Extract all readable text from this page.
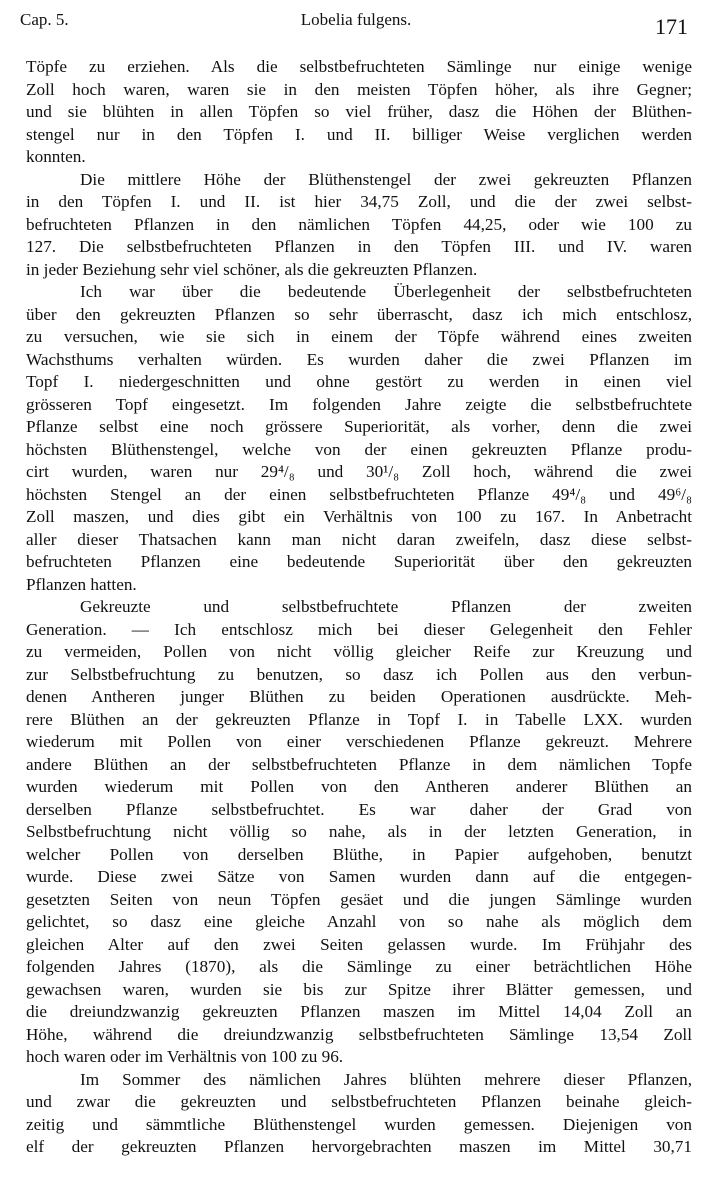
Cap. 5.	Lobelia fulgens.	171
Töpfe zu erziehen. Als die selbstbefruchteten Sämlinge nur einige wenige
Zoll hoch waren, waren sie in den meisten Töpfen höher, als ihre Gegner;
und sie blühten in allen Töpfen so viel früher, dasz die Höhen der Blüthen-
stengel nur in den Töpfen I. und II. billiger Weise verglichen werden
konnten.
Die mittlere Höhe der Blüthenstengel der zwei gekreuzten Pflanzen
in den Töpfen I. und II. ist hier 34,75 Zoll, und die der zwei selbst-
befruchteten Pflanzen in den nämlichen Töpfen 44,25, oder wie 100 zu
127. Die selbstbefruchteten Pflanzen in den Töpfen III. und IV. waren
in jeder Beziehung sehr viel schöner, als die gekreuzten Pflanzen.
Ich war über die bedeutende Überlegenheit der selbstbefruchteten
über den gekreuzten Pflanzen so sehr überrascht, dasz ich mich entschlosz,
zu versuchen, wie sie sich in einem der Töpfe während eines zweiten
Wachsthums verhalten würden. Es wurden daher die zwei Pflanzen im
Topf I. niedergeschnitten und ohne gestört zu werden in einen viel
grösseren Topf eingesetzt. Im folgenden Jahre zeigte die selbstbefruchtete
Pflanze selbst eine noch grössere Superiorität, als vorher, denn die zwei
höchsten Blüthenstengel, welche von der einen gekreuzten Pflanze produ-
cirt wurden, waren nur 29⁴/₈ und 30¹/₈ Zoll hoch, während die zwei
höchsten Stengel an der einen selbstbefruchteten Pflanze 49⁴/₈ und 49⁶/₈
Zoll maszen, und dies gibt ein Verhältnis von 100 zu 167. In Anbetracht
aller dieser Thatsachen kann man nicht daran zweifeln, dasz diese selbst-
befruchteten Pflanzen eine bedeutende Superiorität über den gekreuzten
Pflanzen hatten.
Gekreuzte und selbstbefruchtete Pflanzen der zweiten
Generation. — Ich entschlosz mich bei dieser Gelegenheit den Fehler
zu vermeiden, Pollen von nicht völlig gleicher Reife zur Kreuzung und
zur Selbstbefruchtung zu benutzen, so dasz ich Pollen aus den verbun-
denen Antheren junger Blüthen zu beiden Operationen ausdrückte. Meh-
rere Blüthen an der gekreuzten Pflanze in Topf I. in Tabelle LXX. wurden
wiederum mit Pollen von einer verschiedenen Pflanze gekreuzt. Mehrere
andere Blüthen an der selbstbefruchteten Pflanze in dem nämlichen Topfe
wurden wiederum mit Pollen von den Antheren anderer Blüthen an
derselben Pflanze selbstbefruchtet. Es war daher der Grad von
Selbstbefruchtung nicht völlig so nahe, als in der letzten Generation, in
welcher Pollen von derselben Blüthe, in Papier aufgehoben, benutzt
wurde. Diese zwei Sätze von Samen wurden dann auf die entgegen-
gesetzten Seiten von neun Töpfen gesäet und die jungen Sämlinge wurden
gelichtet, so dasz eine gleiche Anzahl von so nahe als möglich dem
gleichen Alter auf den zwei Seiten gelassen wurde. Im Frühjahr des
folgenden Jahres (1870), als die Sämlinge zu einer beträchtlichen Höhe
gewachsen waren, wurden sie bis zur Spitze ihrer Blätter gemessen, und
die dreiundzwanzig gekreuzten Pflanzen maszen im Mittel 14,04 Zoll an
Höhe, während die dreiundzwanzig selbstbefruchteten Sämlinge 13,54 Zoll
hoch waren oder im Verhältnis von 100 zu 96.
Im Sommer des nämlichen Jahres blühten mehrere dieser Pflanzen,
und zwar die gekreuzten und selbstbefruchteten Pflanzen beinahe gleich-
zeitig und sämmtliche Blüthenstengel wurden gemessen. Diejenigen von
elf der gekreuzten Pflanzen hervorgebrachten maszen im Mittel 30,71
